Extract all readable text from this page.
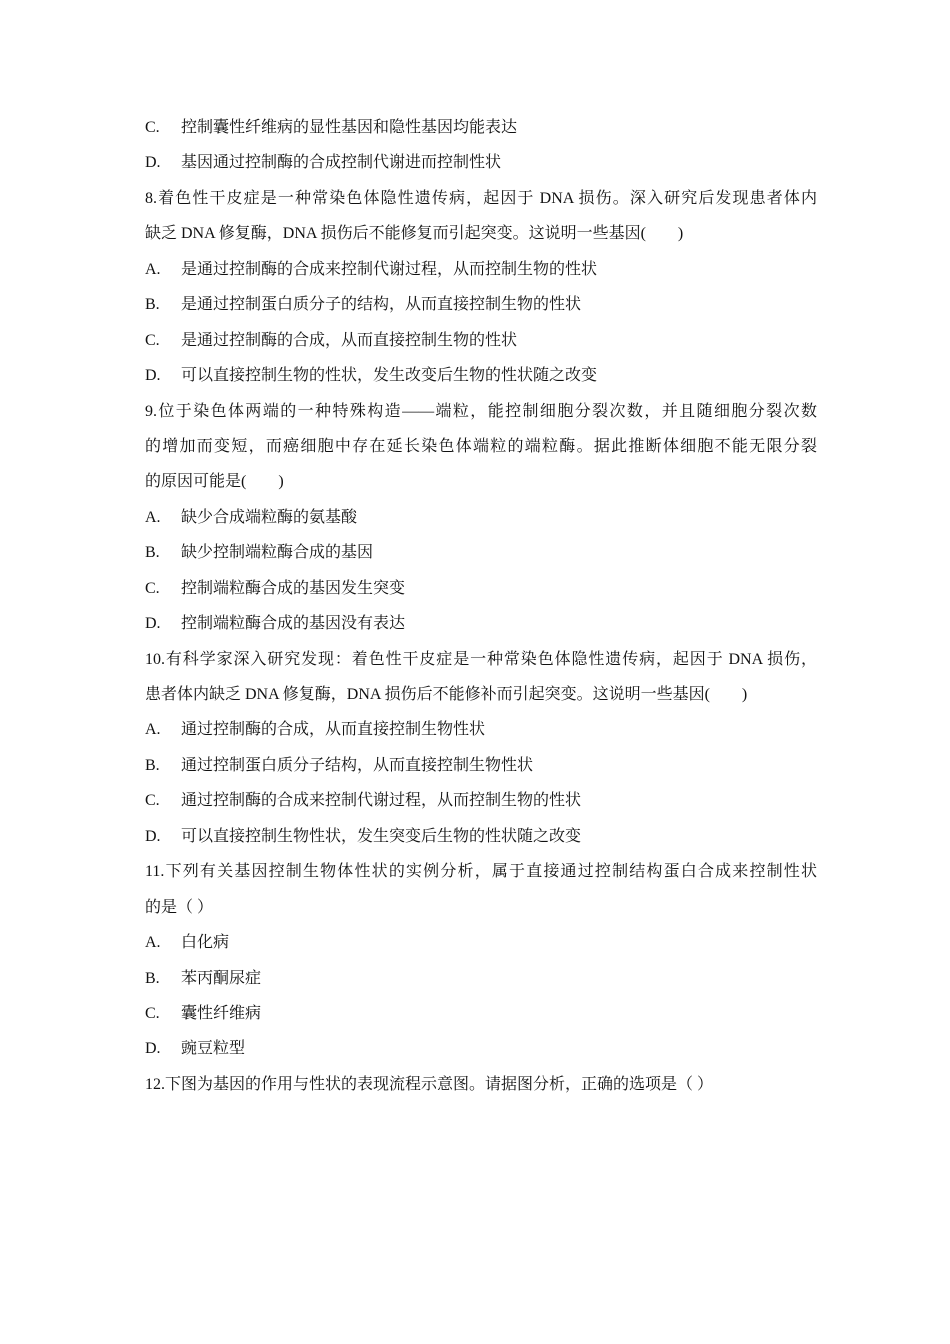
C. 控制囊性纤维病的显性基因和隐性基因均能表达
D. 基因通过控制酶的合成控制代谢进而控制性状
8.着色性干皮症是一种常染色体隐性遗传病，起因于 DNA 损伤。深入研究后发现患者体内
缺乏 DNA 修复酶，DNA 损伤后不能修复而引起突变。这说明一些基因(　　)
A. 是通过控制酶的合成来控制代谢过程，从而控制生物的性状
B. 是通过控制蛋白质分子的结构，从而直接控制生物的性状
C. 是通过控制酶的合成，从而直接控制生物的性状
D. 可以直接控制生物的性状，发生改变后生物的性状随之改变
9.位于染色体两端的一种特殊构造——端粒，能控制细胞分裂次数，并且随细胞分裂次数
的增加而变短，而癌细胞中存在延长染色体端粒的端粒酶。据此推断体细胞不能无限分裂
的原因可能是(　　)
A. 缺少合成端粒酶的氨基酸
B. 缺少控制端粒酶合成的基因
C. 控制端粒酶合成的基因发生突变
D. 控制端粒酶合成的基因没有表达
10.有科学家深入研究发现：着色性干皮症是一种常染色体隐性遗传病，起因于 DNA 损伤，
患者体内缺乏 DNA 修复酶，DNA 损伤后不能修补而引起突变。这说明一些基因(　　)
A. 通过控制酶的合成，从而直接控制生物性状
B. 通过控制蛋白质分子结构，从而直接控制生物性状
C. 通过控制酶的合成来控制代谢过程，从而控制生物的性状
D. 可以直接控制生物性状，发生突变后生物的性状随之改变
11.下列有关基因控制生物体性状的实例分析，属于直接通过控制结构蛋白合成来控制性状
的是（ ）
A. 白化病
B. 苯丙酮尿症
C. 囊性纤维病
D. 豌豆粒型
12.下图为基因的作用与性状的表现流程示意图。请据图分析，正确的选项是（ ）
